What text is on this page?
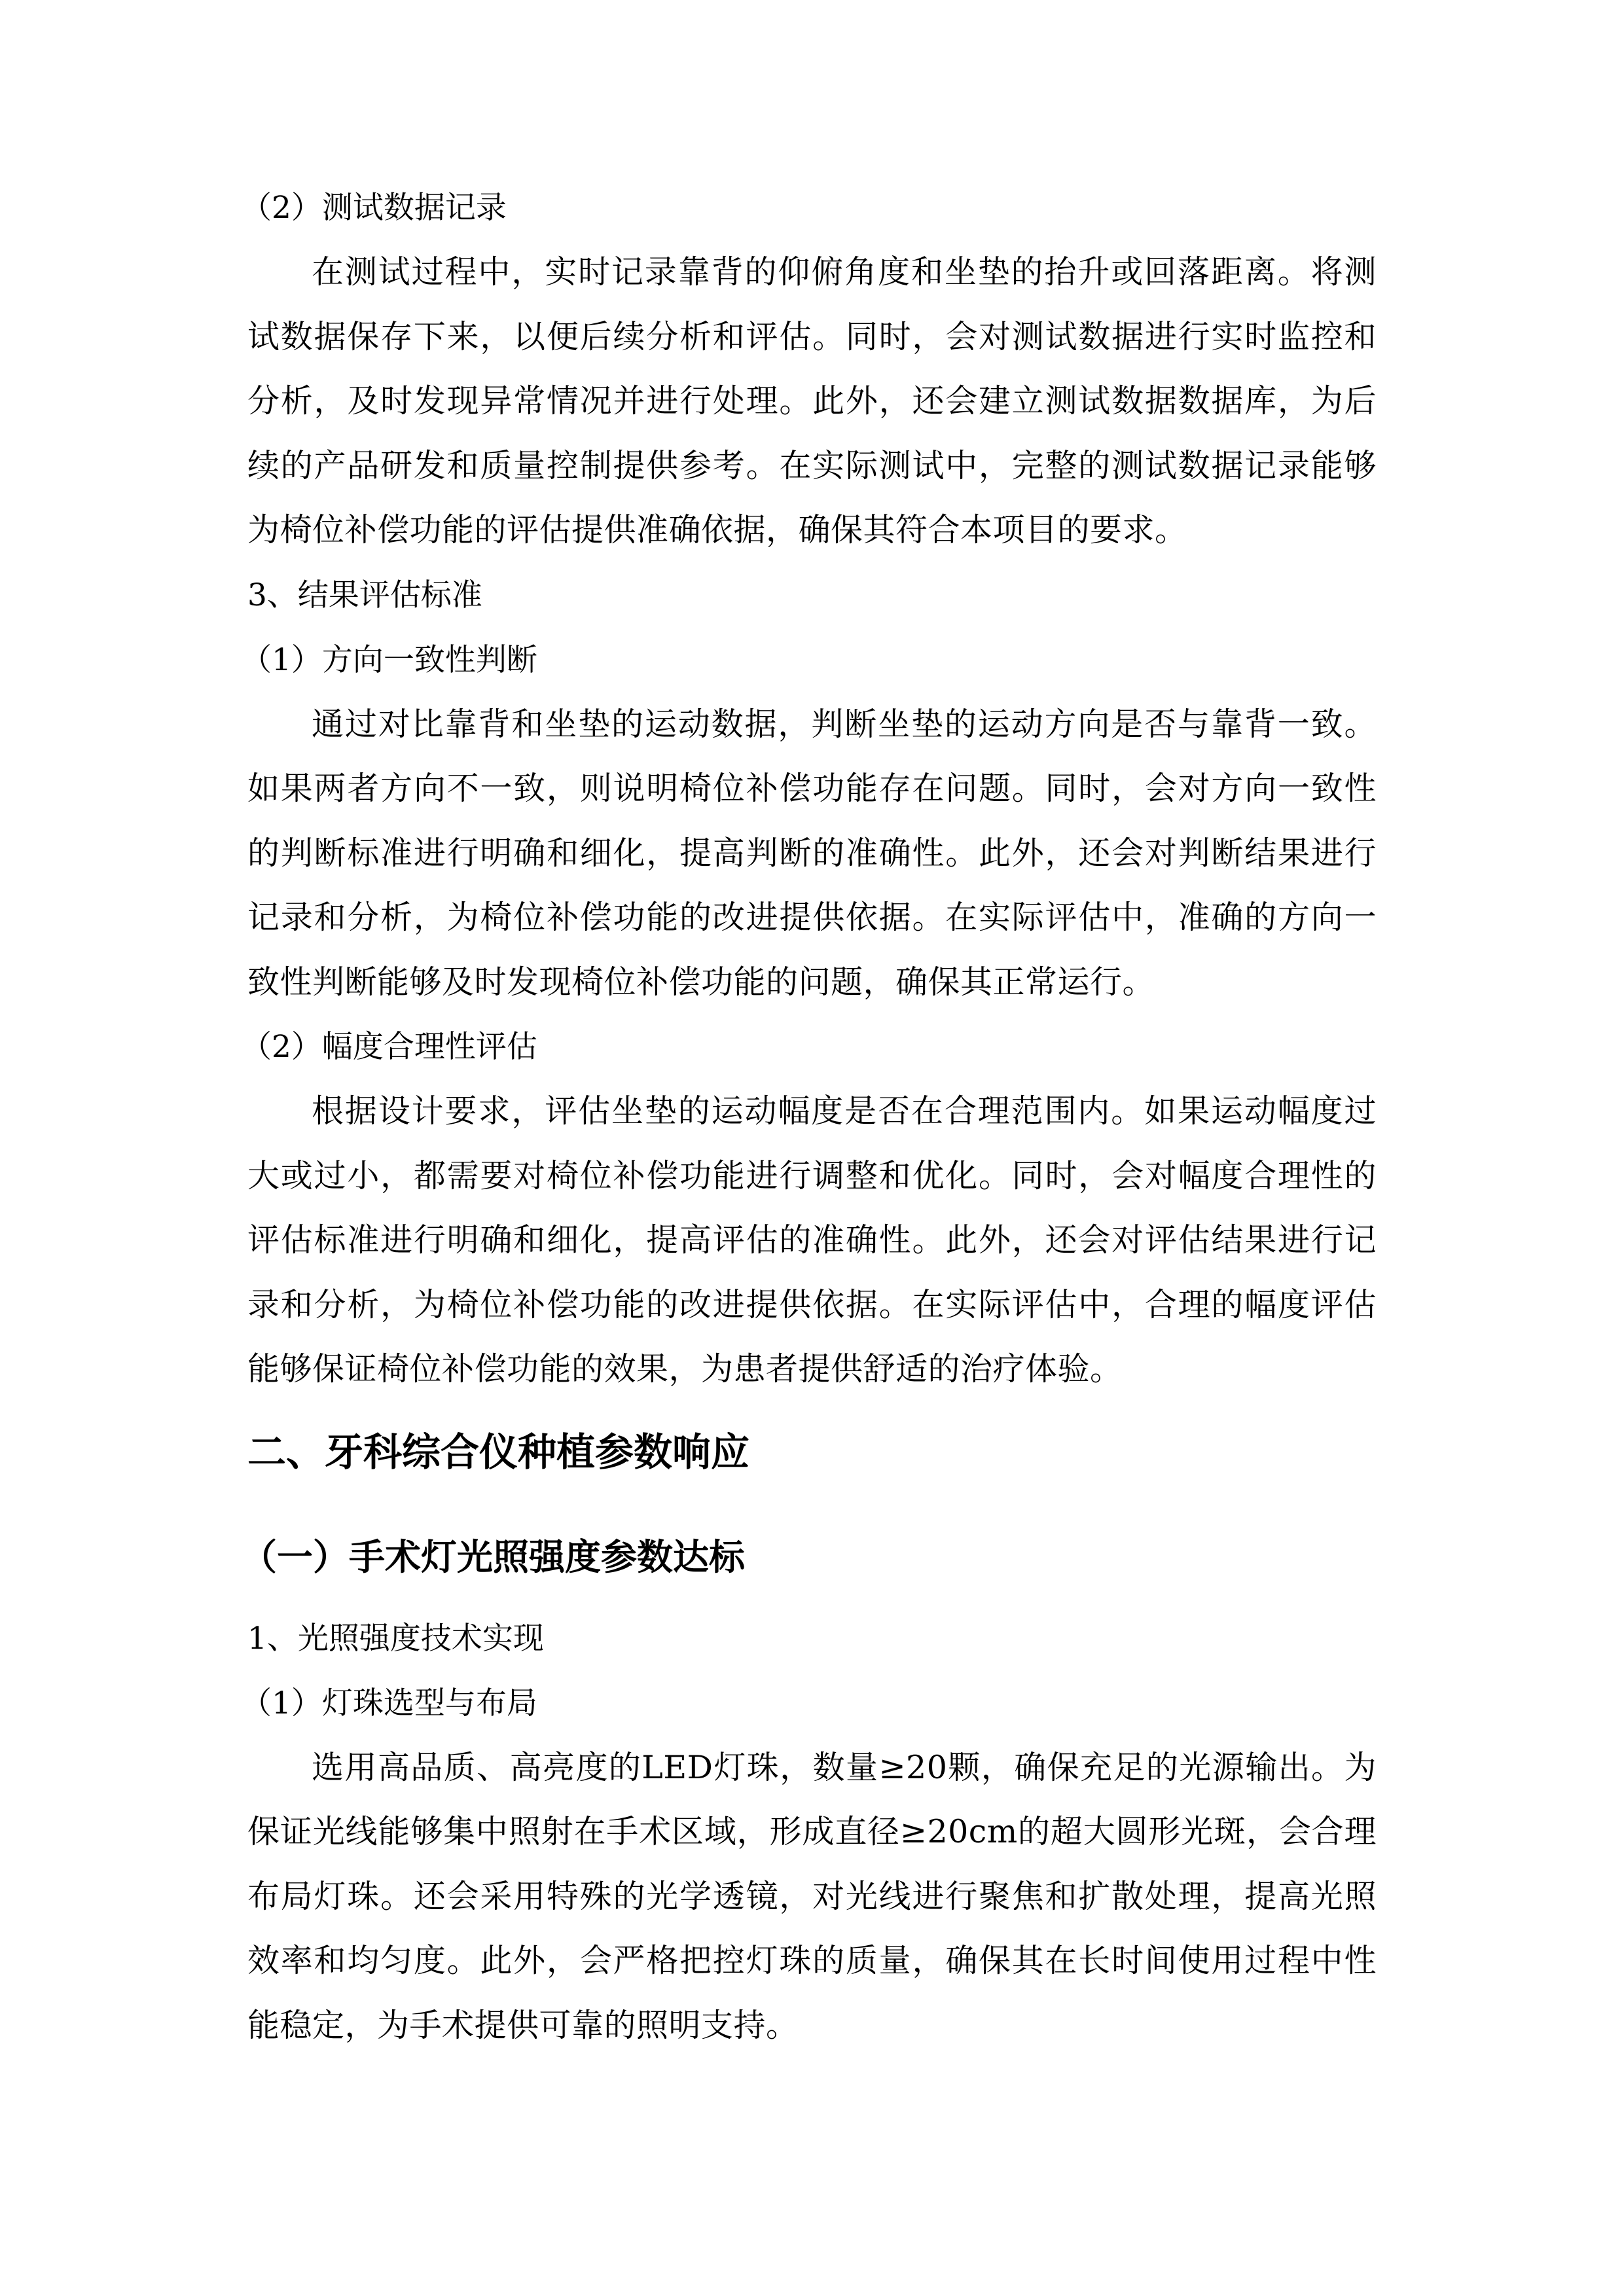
（2）测试数据记录

在测试过程中，实时记录靠背的仰俯角度和坐垫的抬升或回落距离。将测试数据保存下来，以便后续分析和评估。同时，会对测试数据进行实时监控和分析，及时发现异常情况并进行处理。此外，还会建立测试数据数据库，为后续的产品研发和质量控制提供参考。在实际测试中，完整的测试数据记录能够为椅位补偿功能的评估提供准确依据，确保其符合本项目的要求。

3、结果评估标准

（1）方向一致性判断

通过对比靠背和坐垫的运动数据，判断坐垫的运动方向是否与靠背一致。如果两者方向不一致，则说明椅位补偿功能存在问题。同时，会对方向一致性的判断标准进行明确和细化，提高判断的准确性。此外，还会对判断结果进行记录和分析，为椅位补偿功能的改进提供依据。在实际评估中，准确的方向一致性判断能够及时发现椅位补偿功能的问题，确保其正常运行。

（2）幅度合理性评估

根据设计要求，评估坐垫的运动幅度是否在合理范围内。如果运动幅度过大或过小，都需要对椅位补偿功能进行调整和优化。同时，会对幅度合理性的评估标准进行明确和细化，提高评估的准确性。此外，还会对评估结果进行记录和分析，为椅位补偿功能的改进提供依据。在实际评估中，合理的幅度评估能够保证椅位补偿功能的效果，为患者提供舒适的治疗体验。

二、牙科综合仪种植参数响应
（一）手术灯光照强度参数达标

1、光照强度技术实现

（1）灯珠选型与布局

选用高品质、高亮度的LED灯珠，数量≥20颗，确保充足的光源输出。为保证光线能够集中照射在手术区域，形成直径≥20cm的超大圆形光斑，会合理布局灯珠。还会采用特殊的光学透镜，对光线进行聚焦和扩散处理，提高光照效率和均匀度。此外，会严格把控灯珠的质量，确保其在长时间使用过程中性能稳定，为手术提供可靠的照明支持。
